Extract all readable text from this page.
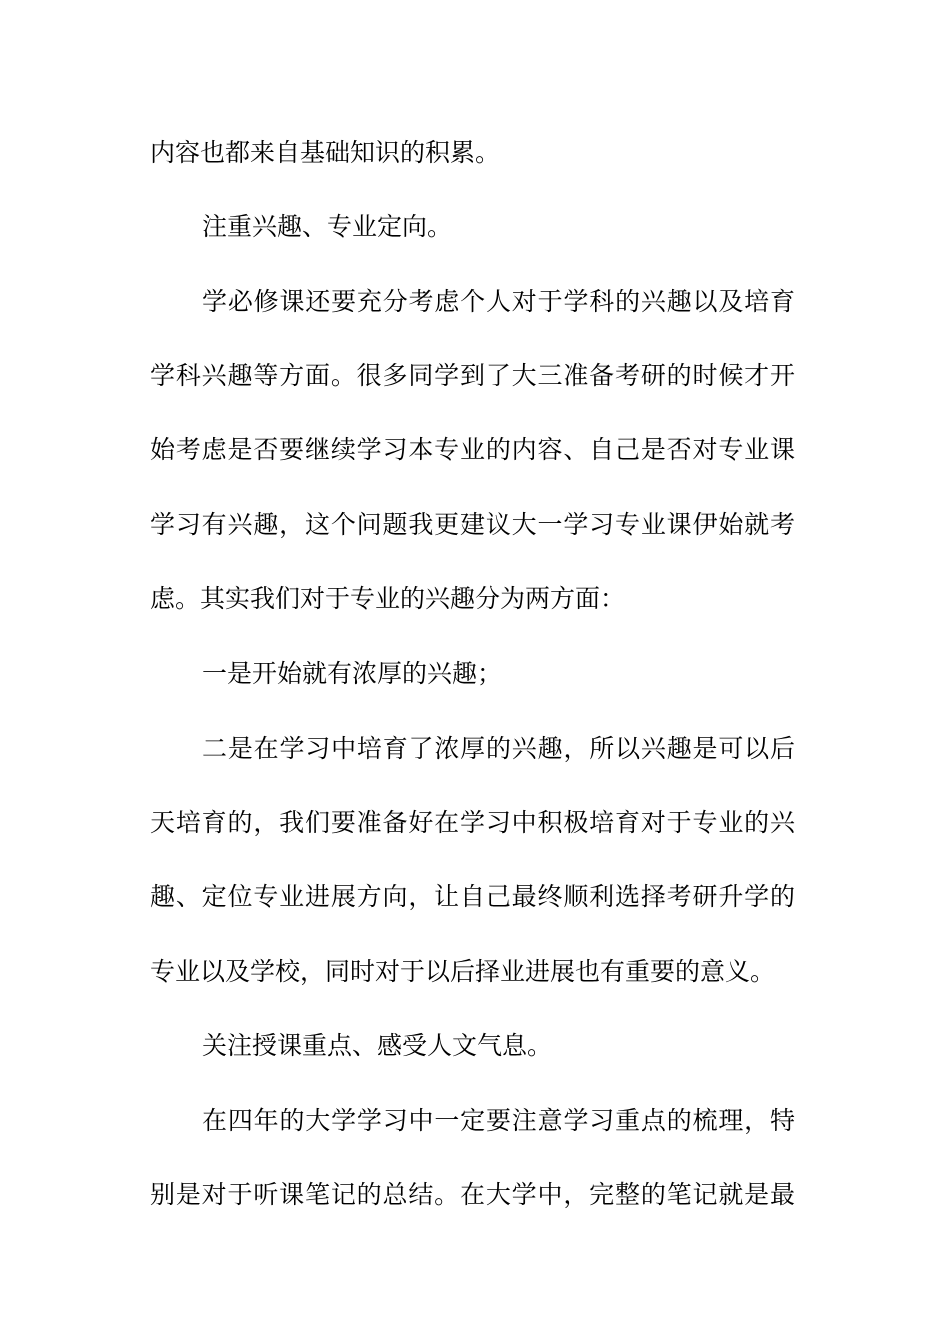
内容也都来自基础知识的积累。
注重兴趣、专业定向。
学必修课还要充分考虑个人对于学科的兴趣以及培育
学科兴趣等方面。很多同学到了大三准备考研的时候才开
始考虑是否要继续学习本专业的内容、自己是否对专业课
学习有兴趣，这个问题我更建议大一学习专业课伊始就考
虑。其实我们对于专业的兴趣分为两方面：
一是开始就有浓厚的兴趣；
二是在学习中培育了浓厚的兴趣，所以兴趣是可以后
天培育的，我们要准备好在学习中积极培育对于专业的兴
趣、定位专业进展方向，让自己最终顺利选择考研升学的
专业以及学校，同时对于以后择业进展也有重要的意义。
关注授课重点、感受人文气息。
在四年的大学学习中一定要注意学习重点的梳理，特
别是对于听课笔记的总结。在大学中，完整的笔记就是最
